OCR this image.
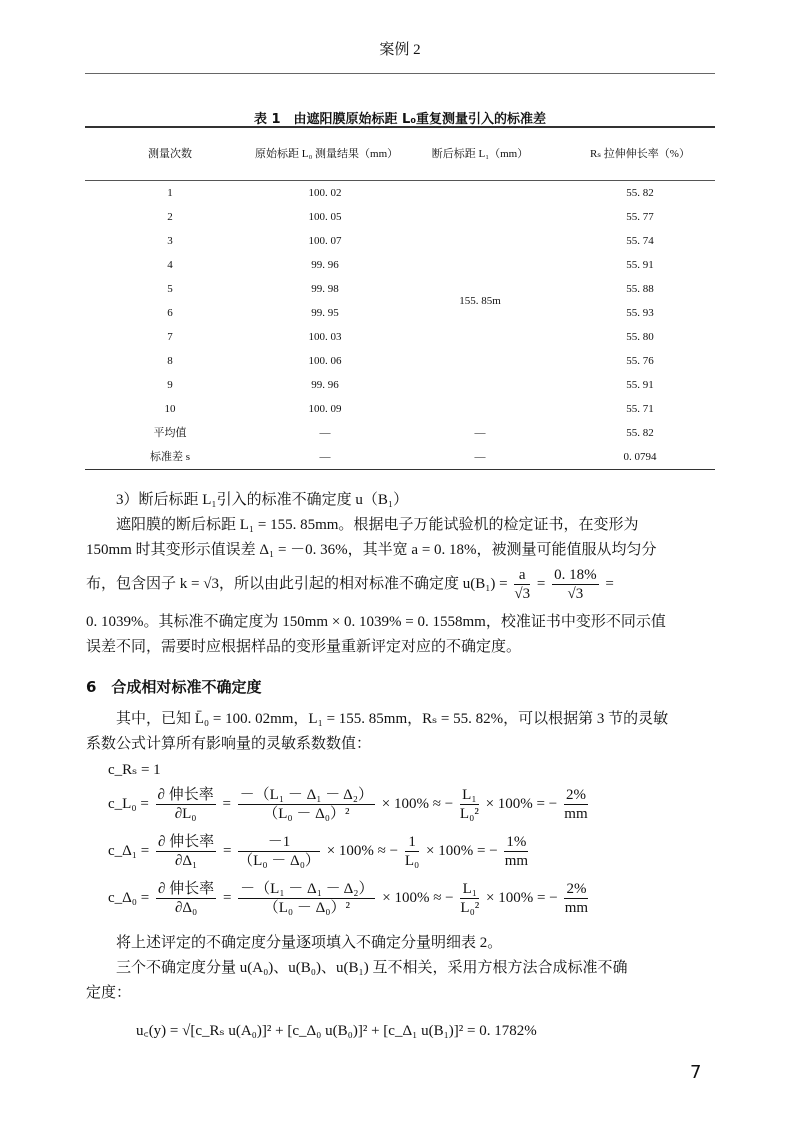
案例 2
表 1　由遮阳膜原始标距 L₀重复测量引入的标准差
测量次数	原始标距 L₀ 测量结果（mm）	断后标距 L₁（mm）	Rₛ 拉伸伸长率（%）
1	100. 02	155. 85m	55. 82
2	100. 05		55. 77
3	100. 07		55. 74
4	99. 96		55. 91
5	99. 98		55. 88
6	99. 95		55. 93
7	100. 03		55. 80
8	100. 06		55. 76
9	99. 96		55. 91
10	100. 09		55. 71
平均值	—	—	55. 82
标准差 s	—	—	0. 0794
3）断后标距 L₁引入的标准不确定度 u（B₁）
遮阳膜的断后标距 L₁ = 155. 85mm。根据电子万能试验机的检定证书，在变形为
150mm 时其变形示值误差 Δ₁ = －0. 36%，其半宽 a = 0. 18%，被测量可能值服从均匀分
布，包含因子 k = √3，所以由此引起的相对标准不确定度 $u(B_1) = \frac{a}{√3} = \frac{0. 18\%}{√3}$ =
0. 1039%。其标准不确定度为 150mm × 0. 1039% = 0. 1558mm，校准证书中变形不同示值
误差不同，需要时应根据样品的变形量重新评定对应的不确定度。
6　合成相对标准不确定度
其中，已知 L̄₀ = 100. 02mm，L₁ = 155. 85mm，Rₛ = 55. 82%，可以根据第 3 节的灵敏
系数公式计算所有影响量的灵敏系数数值：
c_Rₛ = 1
c_L₀ = $\frac{\text{∂ 伸长率}}{\text{∂L₀}} = \frac{\text{－（L₁ － Δ₁ － Δ₂）}}{\text{（L₀ － Δ₀）²}} \times 100\%$ ≈ − $\frac{\text{L₁}}{\text{L₀²}} \times 100\%$ = − $\frac{2\%}{mm}$
c_Δ₁ = $\frac{\text{∂ 伸长率}}{\text{∂Δ₁}} = \frac{-1}{\text{（L₀ － Δ₀）}} \times 100\%$ ≈ − $\frac{1}{\text{L₀}} \times 100\%$ = − $\frac{1\%}{mm}$
c_Δ₀ = $\frac{\text{∂ 伸长率}}{\text{∂Δ₀}} = \frac{\text{－（L₁ － Δ₁ － Δ₂）}}{\text{（L₀ － Δ₀）²}} \times 100\%$ ≈ − $\frac{\text{L₁}}{\text{L₀²}} \times 100\%$ = − $\frac{2\%}{mm}$
将上述评定的不确定度分量逐项填入不确定分量明细表 2。
三个不确定度分量 u(A₀)、u(B₀)、u(B₁) 互不相关，采用方根方法合成标准不确
定度：
u꜀(y) = √[c_Rₛ u(A₀)]² + [c_Δ₀ u(B₀)]² + [c_Δ₁ u(B₁)]² = 0. 1782%
7
